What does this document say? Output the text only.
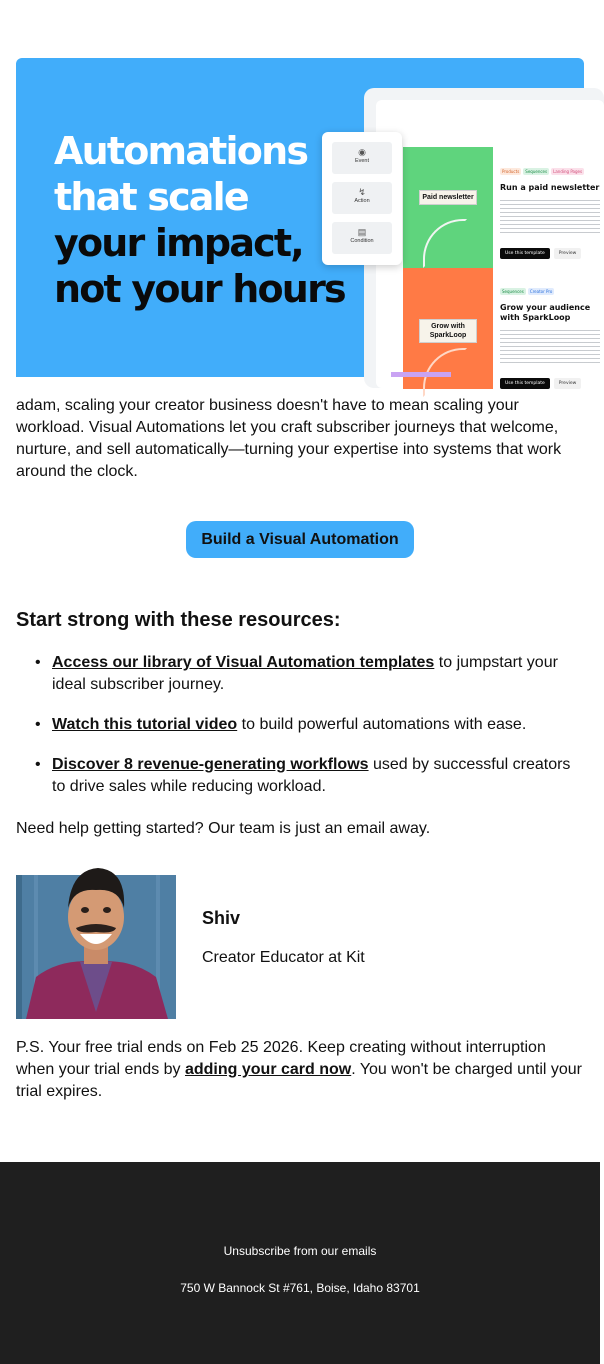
Automations
that scale
your impact,
not your hours
Paid newsletter
Products Sequences Landing Pages
Run a paid newsletter
Use this template	Preview
Grow with SparkLoop
Sequences Creator Pro
Grow your audience with SparkLoop
Use this template	Preview
◉
Event
↯
Action
▤
Condition

adam, scaling your creator business doesn't have to mean scaling your workload. Visual Automations let you craft subscriber journeys that welcome, nurture, and sell automatically—turning your expertise into systems that work around the clock.

Build a Visual Automation
Start strong with these resources:
• Access our library of Visual Automation templates to jumpstart your ideal subscriber journey.
• Watch this tutorial video to build powerful automations with ease.
• Discover 8 revenue-generating workflows used by successful creators to drive sales while reducing workload.
Need help getting started? Our team is just an email away.
Shiv
Creator Educator at Kit

P.S. Your free trial ends on Feb 25 2026. Keep creating without interruption when your trial ends by adding your card now. You won't be charged until your trial expires.

Unsubscribe from our emails
750 W Bannock St #761, Boise, Idaho 83701
